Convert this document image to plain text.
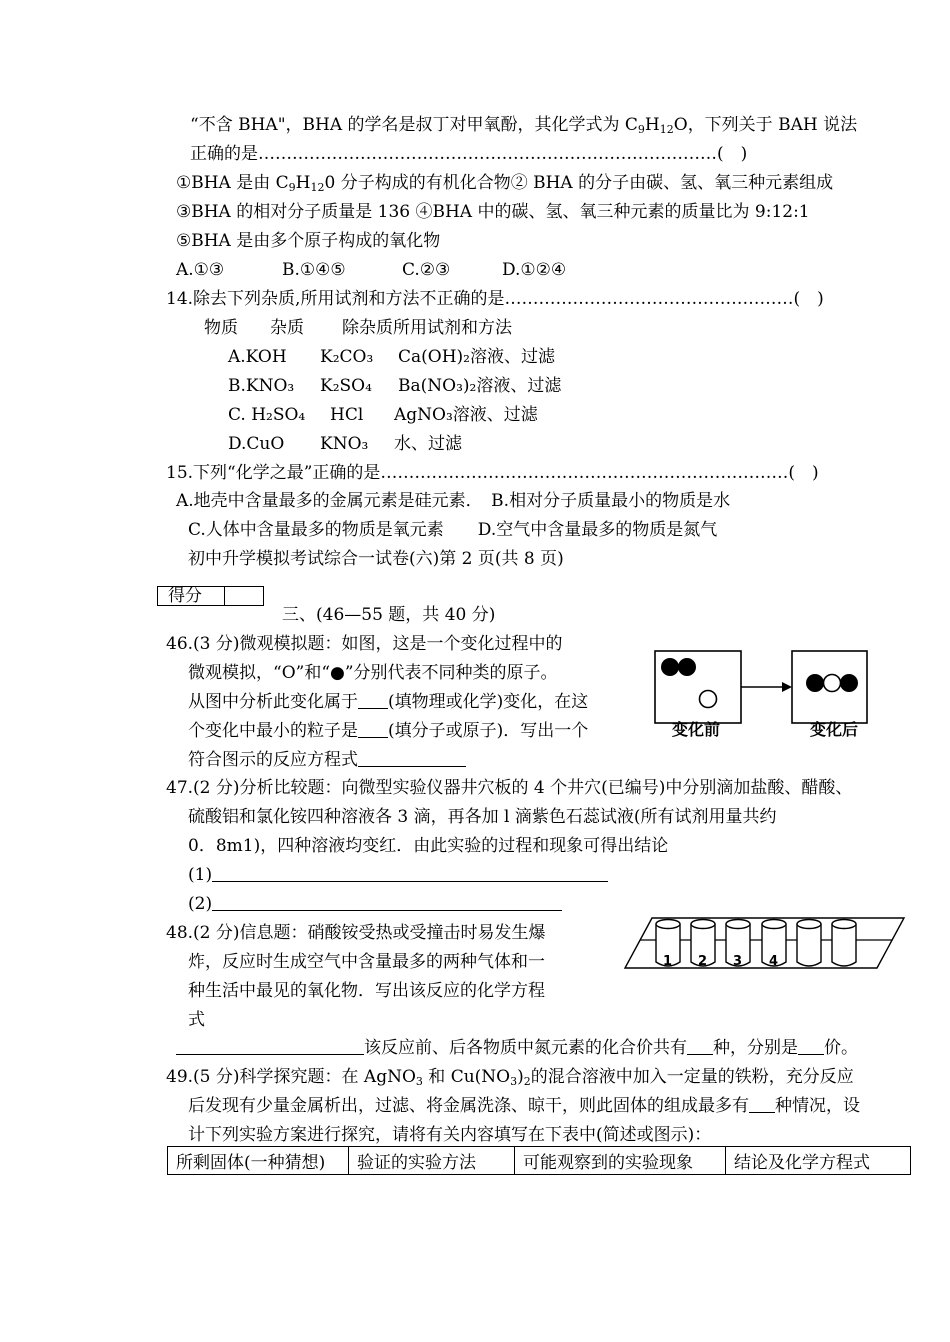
“不含 BHA"，BHA 的学名是叔丁对甲氧酚，其化学式为 $C_9H_{12}O$，下列关于 BAH 说法
正确的是………………………………………………………………………(　)
①BHA 是由 $C_9H_{12}0$ 分子构成的有机化合物② BHA 的分子由碳、氢、氧三种元素组成
③BHA 的相对分子质量是 136 ④BHA 中的碳、氢、氧三种元素的质量比为 9:12:1
⑤BHA 是由多个原子构成的氧化物
A.①③	B.①④⑤	C.②③	D.①②④
14.除去下列杂质,所用试剂和方法不正确的是……………………………………………(　)
物质 杂质 除杂质所用试剂和方法
A.KOH K₂CO₃ Ca(OH)₂溶液、过滤
B.KNO₃ K₂SO₄ Ba(NO₃)₂溶液、过滤
C. H₂SO₄ HCl AgNO₃溶液、过滤
D.CuO KNO₃ 水、过滤
15.下列“化学之最”正确的是………………………………………………………………(　)
A.地壳中含量最多的金属元素是硅元素．　B.相对分子质量最小的物质是水
C.人体中含量最多的物质是氧元素　　D.空气中含量最多的物质是氮气
初中升学模拟考试综合一试卷(六)第 2 页(共 8 页)
得分
三、(46—55 题，共 40 分)
46.(3 分)微观模拟题：如图，这是一个变化过程中的
微观模拟，“O”和“●”分别代表不同种类的原子。
从图中分析此变化属于 (填物理或化学)变化，在这
个变化中最小的粒子是 (填分子或原子)．写出一个
符合图示的反应方程式
变化前	变化后
47.(2 分)分析比较题：向微型实验仪器井穴板的 4 个井穴(已编号)中分别滴加盐酸、醋酸、
硫酸铝和氯化铵四种溶液各 3 滴，再各加 l 滴紫色石蕊试液(所有试剂用量共约
0．8m1)，四种溶液均变红．由此实验的过程和现象可得出结论
(1)
(2)
48.(2 分)信息题：硝酸铵受热或受撞击时易发生爆
炸，反应时生成空气中含量最多的两种气体和一
种生活中最见的氧化物．写出该反应的化学方程
式
该反应前、后各物质中氮元素的化合价共有 种，分别是 价。
1 2 3 4
49.(5 分)科学探究题：在 AgNO$_3$ 和 $Cu(NO_3)_2$的混合溶液中加入一定量的铁粉，充分反应
后发现有少量金属析出，过滤、将金属洗涤、晾干，则此固体的组成最多有 种情况，设
计下列实验方案进行探究，请将有关内容填写在下表中(简述或图示)：
所剩固体(一种猜想)	验证的实验方法	可能观察到的实验现象	结论及化学方程式
